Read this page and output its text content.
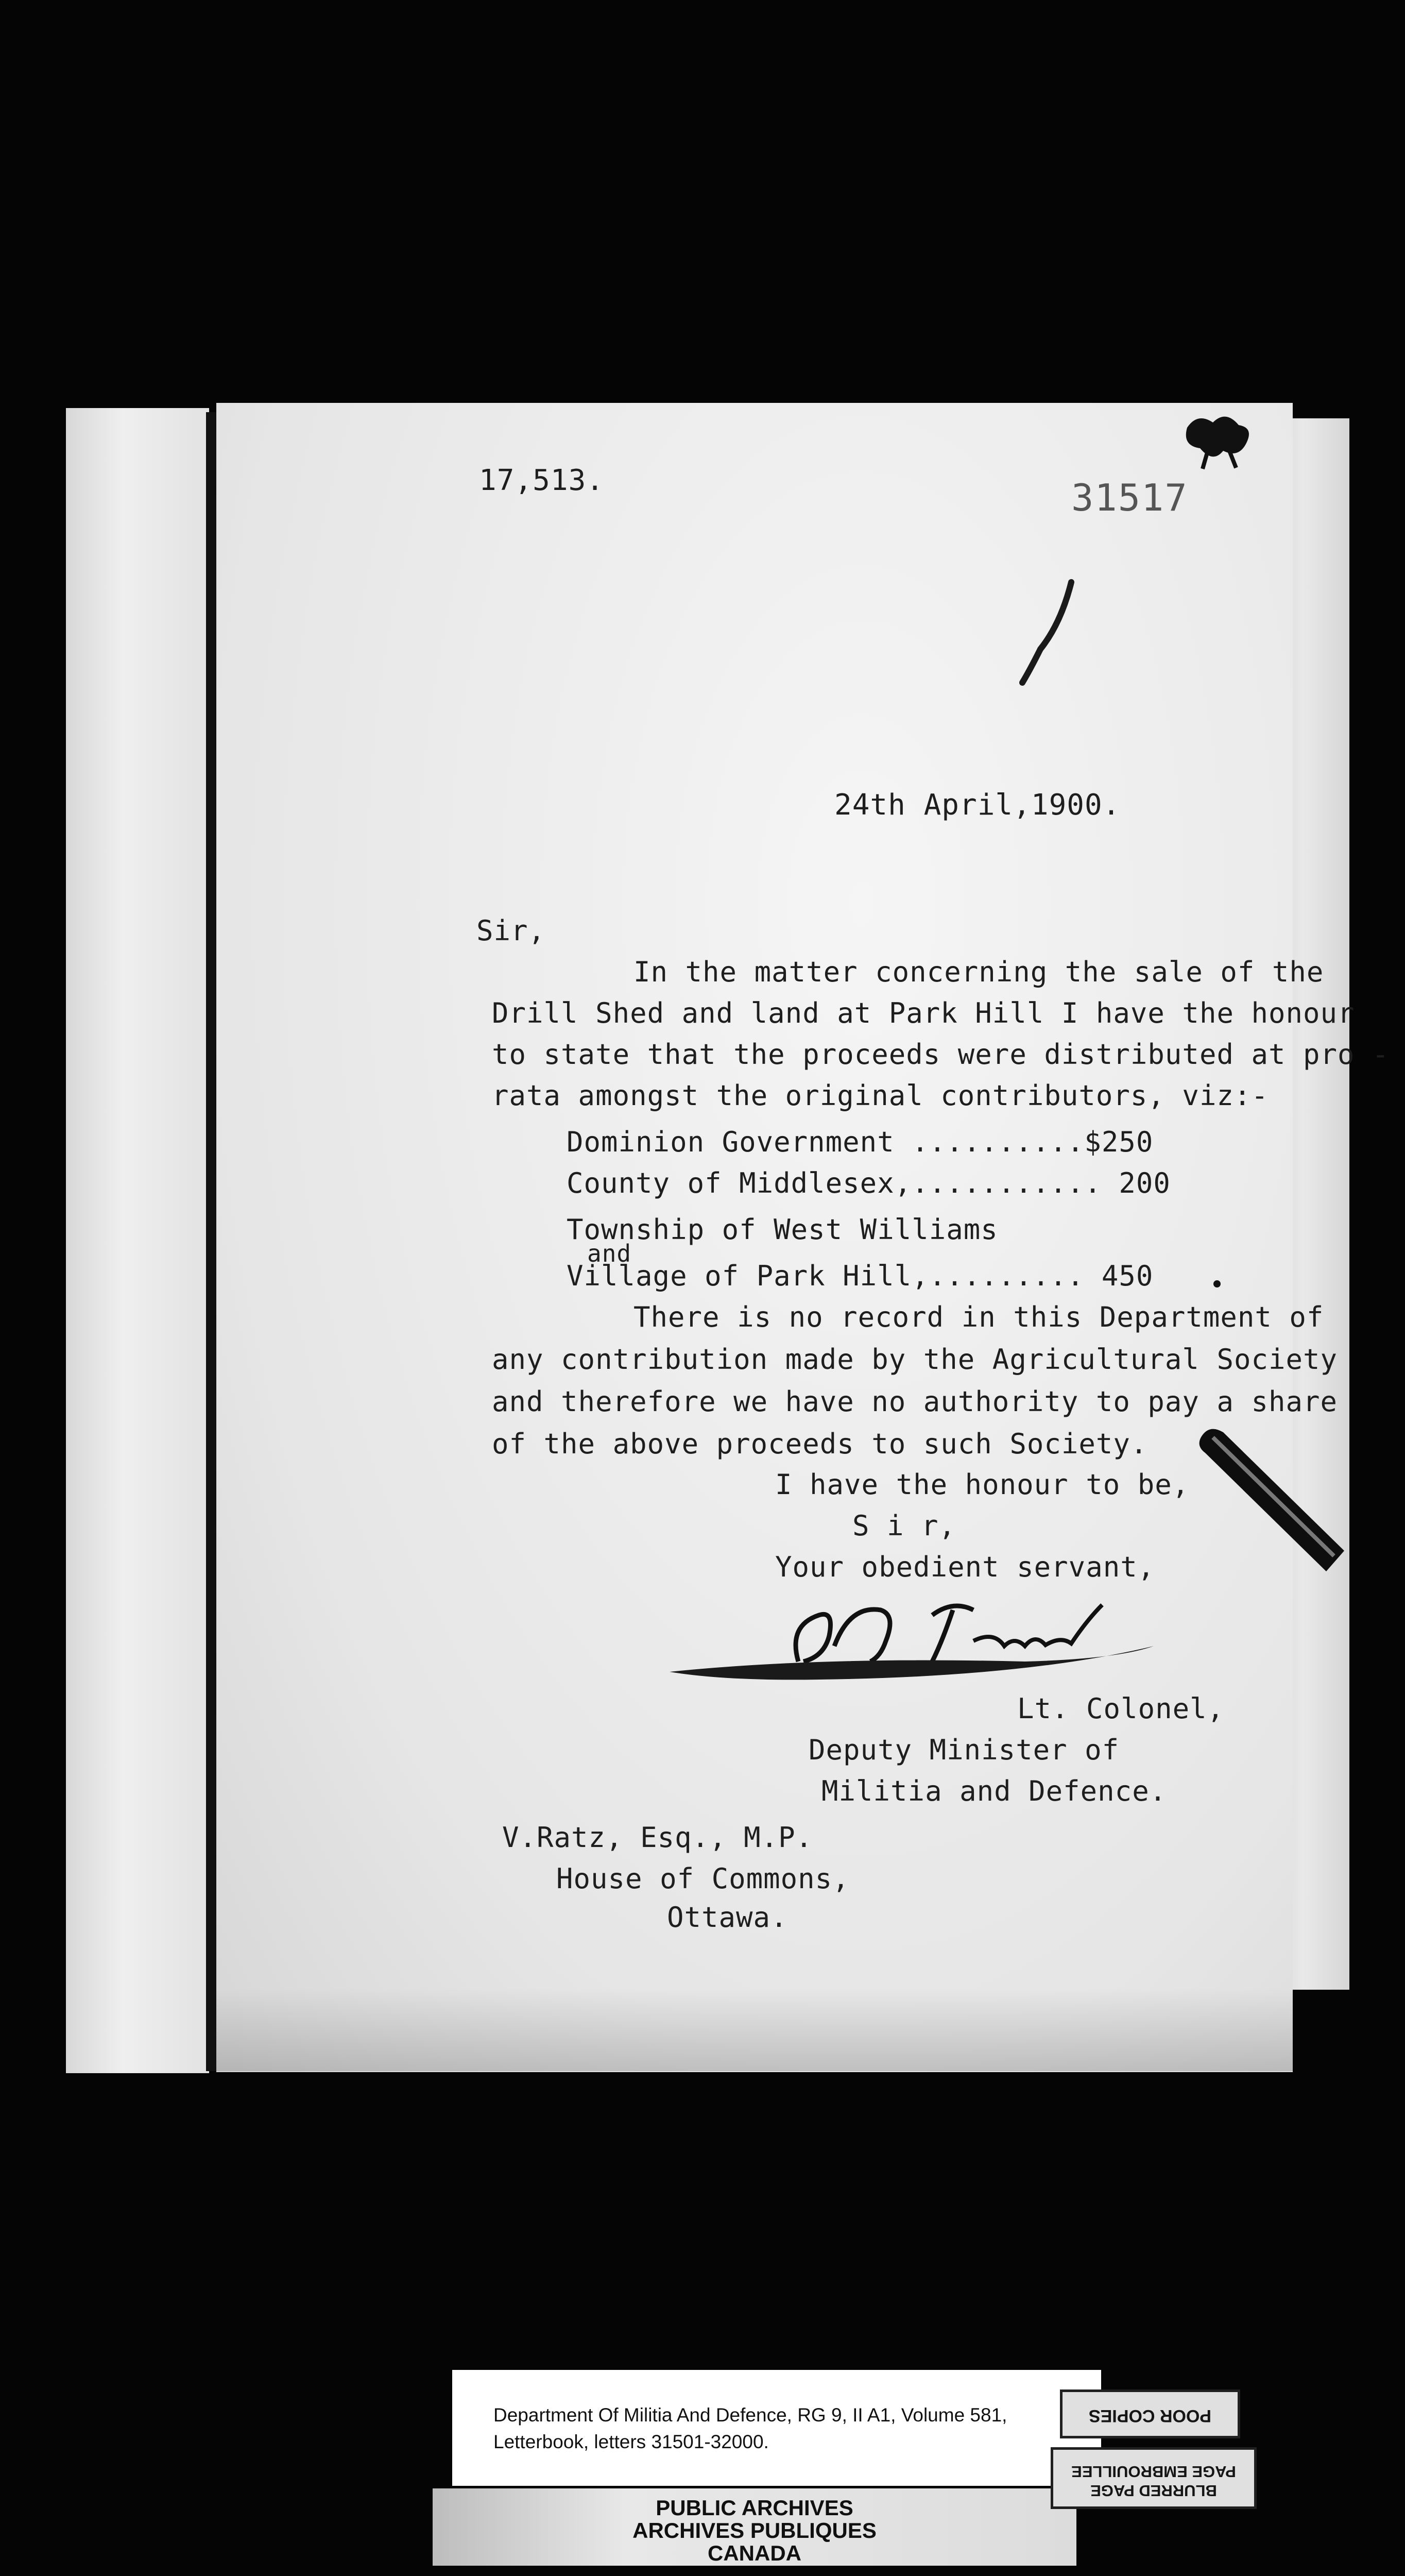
17,513.	31517
24th April,1900.
Sir,
In the matter concerning the sale of the
Drill Shed and land at Park Hill I have the honour
to state that the proceeds were distributed at pro -
rata amongst the original contributors, viz:-
Dominion Government ..........$250
County of Middlesex,........... 200
Township of West Williams
and
Village of Park Hill,......... 450
There is no record in this Department of
any contribution made by the Agricultural Society
and therefore we have no authority to pay a share
of the above proceeds to such Society.
I have the honour to be,
S i r,
Your obedient servant,
Lt. Colonel,
Deputy Minister of
Militia and Defence.
V.Ratz, Esq., M.P.
House of Commons,
Ottawa.
Department Of Militia And Defence, RG 9, II A1, Volume 581,
Letterbook, letters 31501-32000.
PUBLIC ARCHIVES
ARCHIVES PUBLIQUES
CANADA
POOR COPIES
BLURRED PAGE
PAGE EMBROUILLEE
